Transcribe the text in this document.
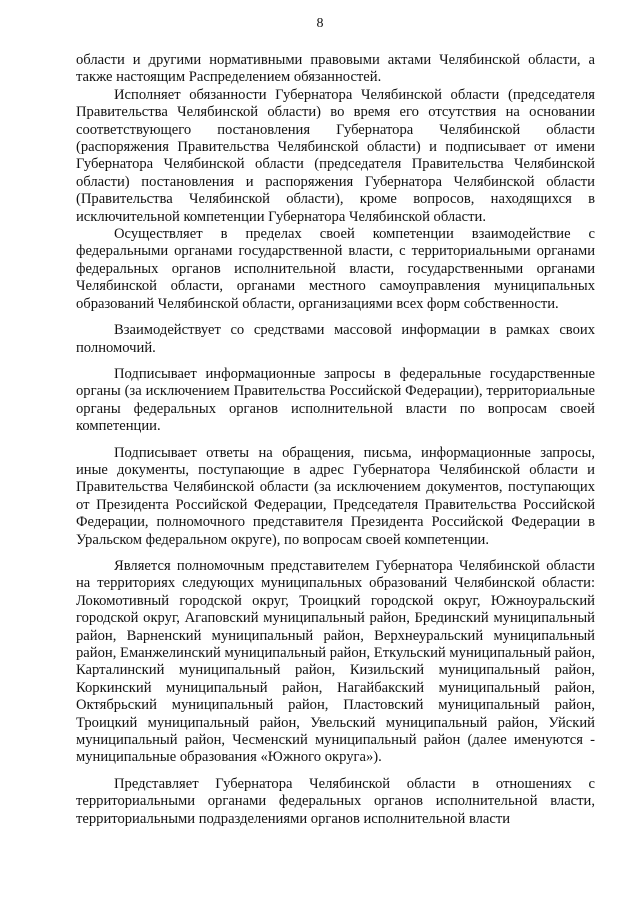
8

области и другими нормативными правовыми актами Челябинской области, а также настоящим Распределением обязанностей.

Исполняет обязанности Губернатора Челябинской области (председателя Правительства Челябинской области) во время его отсутствия на основании соответствующего постановления Губернатора Челябинской области (распоряжения Правительства Челябинской области) и подписывает от имени Губернатора Челябинской области (председателя Правительства Челябинской области) постановления и распоряжения Губернатора Челябинской области (Правительства Челябинской области), кроме вопросов, находящихся в исключительной компетенции Губернатора Челябинской области.

Осуществляет в пределах своей компетенции взаимодействие с федеральными органами государственной власти, с территориальными органами федеральных органов исполнительной власти, государственными органами Челябинской области, органами местного самоуправления муниципальных образований Челябинской области, организациями всех форм собственности.

Взаимодействует со средствами массовой информации в рамках своих полномочий.

Подписывает информационные запросы в федеральные государственные органы (за исключением Правительства Российской Федерации), территориальные органы федеральных органов исполнительной власти по вопросам своей компетенции.

Подписывает ответы на обращения, письма, информационные запросы, иные документы, поступающие в адрес Губернатора Челябинской области и Правительства Челябинской области (за исключением документов, поступающих от Президента Российской Федерации, Председателя Правительства Российской Федерации, полномочного представителя Президента Российской Федерации в Уральском федеральном округе), по вопросам своей компетенции.

Является полномочным представителем Губернатора Челябинской области на территориях следующих муниципальных образований Челябинской области: Локомотивный городской округ, Троицкий городской округ, Южноуральский городской округ, Агаповский муниципальный район, Брединский муниципальный район, Варненский муниципальный район, Верхнеуральский муниципальный район, Еманжелинский муниципальный район, Еткульский муниципальный район, Карталинский муниципальный район, Кизильский муниципальный район, Коркинский муниципальный район, Нагайбакский муниципальный район, Октябрьский муниципальный район, Пластовский муниципальный район, Троицкий муниципальный район, Увельский муниципальный район, Уйский муниципальный район, Чесменский муниципальный район (далее именуются - муниципальные образования «Южного округа»).

Представляет Губернатора Челябинской области в отношениях с территориальными органами федеральных органов исполнительной власти, территориальными подразделениями органов исполнительной власти
